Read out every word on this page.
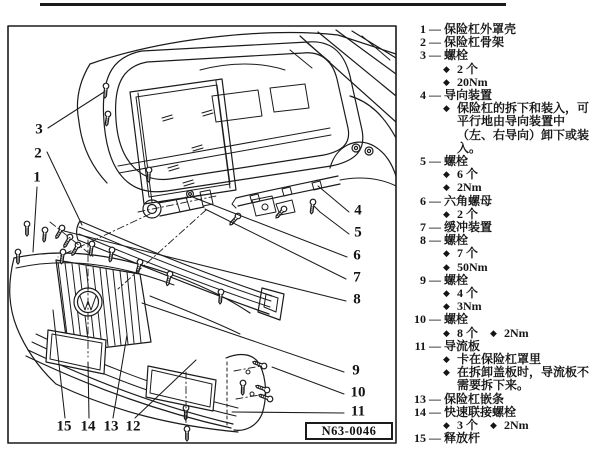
1
2
3
4
5
6
7
8
9
10
11
12
13
14
15	N63-0046
1 — 保险杠外罩壳
2 — 保险杠骨架
3 — 螺栓
◆ 2 个
◆ 20Nm
4 — 导向装置
◆ 保险杠的拆下和装入，可平行地由导向装置中（左、右导向）卸下或装入。
5 — 螺栓
◆ 6 个
◆ 2Nm
6 — 六角螺母
◆ 2 个
7 — 缓冲装置
8 — 螺栓
◆ 7 个
◆ 50Nm
9 — 螺栓
◆ 4 个
◆ 3Nm
10 — 螺栓
◆ 8 个 ◆ 2Nm
11 — 导流板
◆ 卡在保险杠罩里
◆ 在拆卸盖板时，导流板不需要拆下来。
13 — 保险杠嵌条
14 — 快速联接螺栓
◆ 3 个 ◆ 2Nm
15 — 释放杆
